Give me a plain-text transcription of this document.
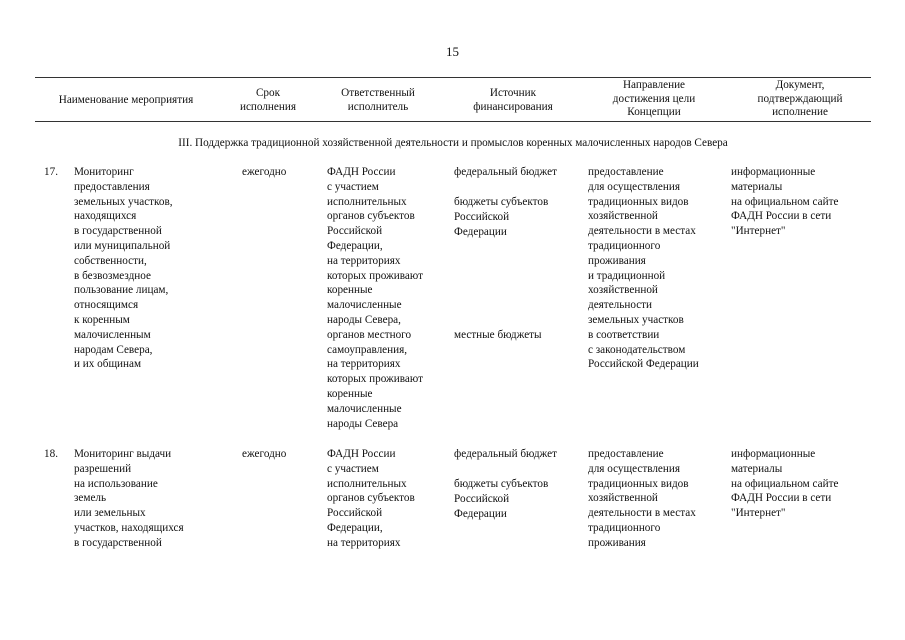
15
Наименование мероприятия
Срок
исполнения
Ответственный
исполнитель
Источник
финансирования
Направление
достижения цели
Концепции
Документ,
подтверждающий
исполнение
III. Поддержка традиционной хозяйственной деятельности и промыслов коренных малочисленных народов Севера
17. Мониторинг
предоставления
земельных участков,
находящихся
в государственной
или муниципальной
собственности,
в безвозмездное
пользование лицам,
относящимся
к коренным
малочисленным
народам Севера,
и их общинам
ежегодно	ФАДН России
с участием
исполнительных
органов субъектов
Российской
Федерации,
на территориях
которых проживают
коренные
малочисленные
народы Севера,
органов местного
самоуправления,
на территориях
которых проживают
коренные
малочисленные
народы Севера
федеральный бюджет
бюджеты субъектов
Российской
Федерации
местные бюджеты
предоставление
для осуществления
традиционных видов
хозяйственной
деятельности в местах
традиционного
проживания
и традиционной
хозяйственной
деятельности
земельных участков
в соответствии
с законодательством
Российской Федерации
информационные
материалы
на официальном сайте
ФАДН России в сети
"Интернет"
18. Мониторинг выдачи
разрешений
на использование
земель
или земельных
участков, находящихся
в государственной
ежегодно	ФАДН России
с участием
исполнительных
органов субъектов
Российской
Федерации,
на территориях
федеральный бюджет
бюджеты субъектов
Российской
Федерации
предоставление
для осуществления
традиционных видов
хозяйственной
деятельности в местах
традиционного
проживания
информационные
материалы
на официальном сайте
ФАДН России в сети
"Интернет"
